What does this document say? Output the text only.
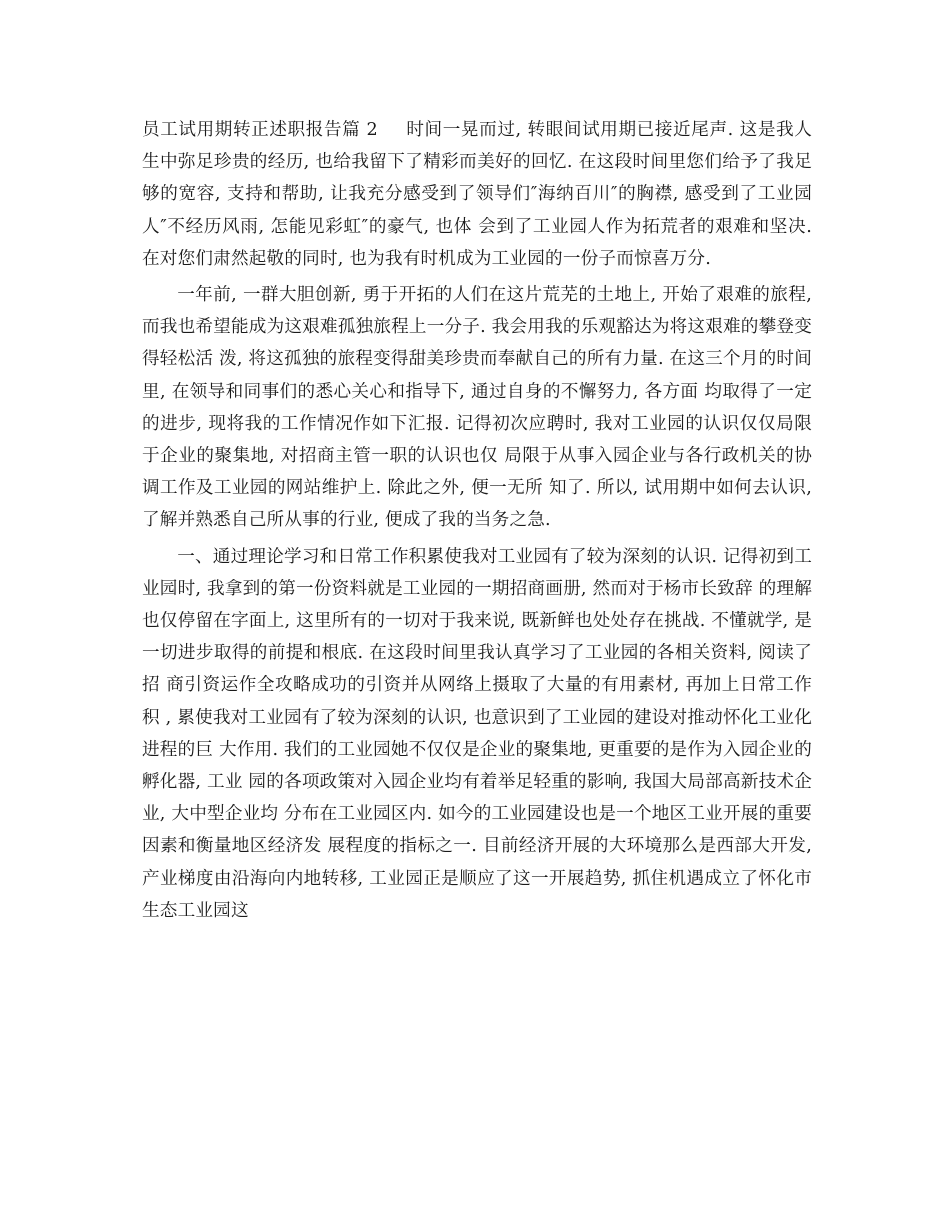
员工试用期转正述职报告篇 2 时间一晃而过, 转眼间试用期已接近尾声. 这是我人生中弥足珍贵的经历, 也给我留下了精彩而美好的回忆. 在这段时间里您们给予了我足够的宽容, 支持和帮助, 让我充分感受到了领导们″海纳百川″的胸襟, 感受到了工业园人″不经历风雨, 怎能见彩虹″的豪气, 也体 会到了工业园人作为拓荒者的艰难和坚决. 在对您们肃然起敬的同时, 也为我有时机成为工业园的一份子而惊喜万分.

一年前, 一群大胆创新, 勇于开拓的人们在这片荒芜的土地上, 开始了艰难的旅程, 而我也希望能成为这艰难孤独旅程上一分子. 我会用我的乐观豁达为将这艰难的攀登变得轻松活 泼, 将这孤独的旅程变得甜美珍贵而奉献自己的所有力量. 在这三个月的时间里, 在领导和同事们的悉心关心和指导下, 通过自身的不懈努力, 各方面 均取得了一定的进步, 现将我的工作情况作如下汇报. 记得初次应聘时, 我对工业园的认识仅仅局限于企业的聚集地, 对招商主管一职的认识也仅 局限于从事入园企业与各行政机关的协调工作及工业园的网站维护上. 除此之外, 便一无所 知了. 所以, 试用期中如何去认识, 了解并熟悉自己所从事的行业, 便成了我的当务之急.

一、通过理论学习和日常工作积累使我对工业园有了较为深刻的认识. 记得初到工业园时, 我拿到的第一份资料就是工业园的一期招商画册, 然而对于杨市长致辞 的理解也仅停留在字面上, 这里所有的一切对于我来说, 既新鲜也处处存在挑战. 不懂就学, 是一切进步取得的前提和根底. 在这段时间里我认真学习了工业园的各相关资料, 阅读了 招 商引资运作全攻略成功的引资并从网络上摄取了大量的有用素材, 再加上日常工作积 , 累使我对工业园有了较为深刻的认识, 也意识到了工业园的建设对推动怀化工业化进程的巨 大作用. 我们的工业园她不仅仅是企业的聚集地, 更重要的是作为入园企业的孵化器, 工业 园的各项政策对入园企业均有着举足轻重的影响, 我国大局部高新技术企业, 大中型企业均 分布在工业园区内. 如今的工业园建设也是一个地区工业开展的重要因素和衡量地区经济发 展程度的指标之一. 目前经济开展的大环境那么是西部大开发, 产业梯度由沿海向内地转移, 工业园正是顺应了这一开展趋势, 抓住机遇成立了怀化市生态工业园这
